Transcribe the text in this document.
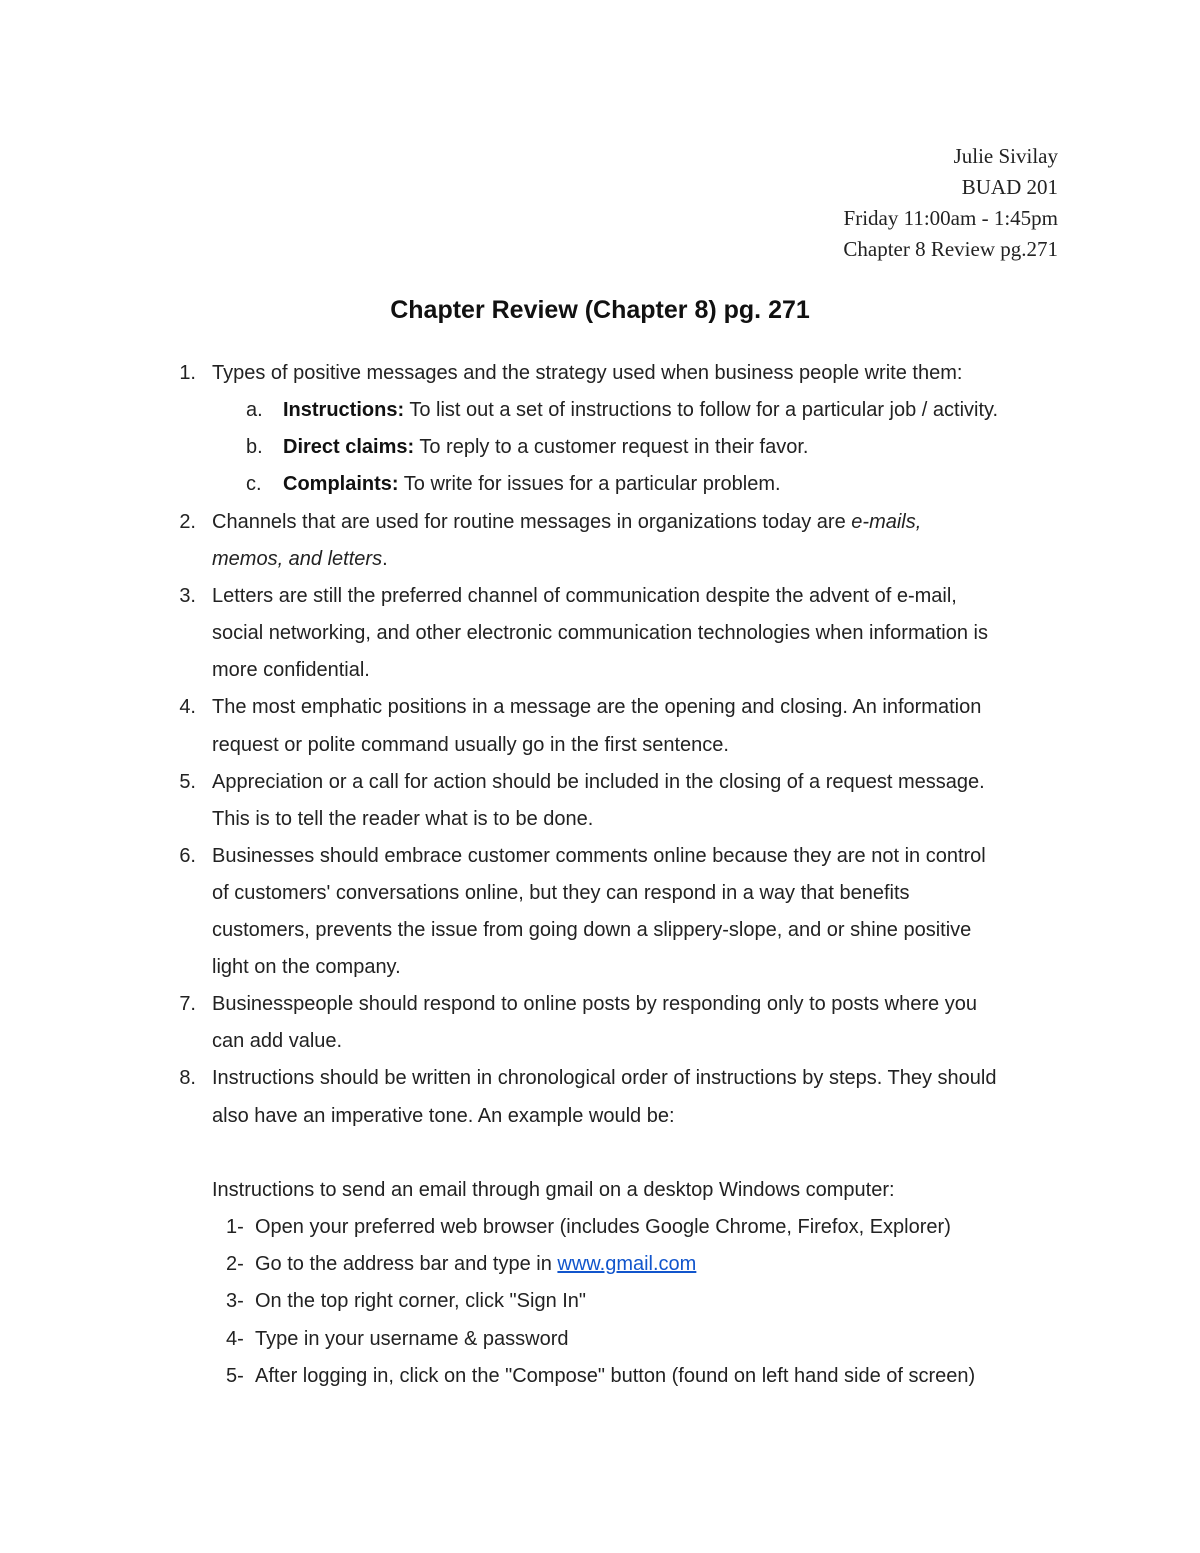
Julie Sivilay
BUAD 201
Friday 11:00am - 1:45pm
Chapter 8 Review pg.271
Chapter Review (Chapter 8) pg. 271
1. Types of positive messages and the strategy used when business people write them:
a. Instructions: To list out a set of instructions to follow for a particular job / activity.
b. Direct claims: To reply to a customer request in their favor.
c. Complaints: To write for issues for a particular problem.
2. Channels that are used for routine messages in organizations today are e-mails,
memos, and letters.
3. Letters are still the preferred channel of communication despite the advent of e-mail,
social networking, and other electronic communication technologies when information is
more confidential.
4. The most emphatic positions in a message are the opening and closing. An information
request or polite command usually go in the first sentence.
5. Appreciation or a call for action should be included in the closing of a request message.
This is to tell the reader what is to be done.
6. Businesses should embrace customer comments online because they are not in control
of customers' conversations online, but they can respond in a way that benefits
customers, prevents the issue from going down a slippery-slope, and or shine positive
light on the company.
7. Businesspeople should respond to online posts by responding only to posts where you
can add value.
8. Instructions should be written in chronological order of instructions by steps. They should
also have an imperative tone. An example would be:
Instructions to send an email through gmail on a desktop Windows computer:
1- Open your preferred web browser (includes Google Chrome, Firefox, Explorer)
2- Go to the address bar and type in www.gmail.com
3- On the top right corner, click "Sign In"
4- Type in your username & password
5- After logging in, click on the "Compose" button (found on left hand side of screen)
